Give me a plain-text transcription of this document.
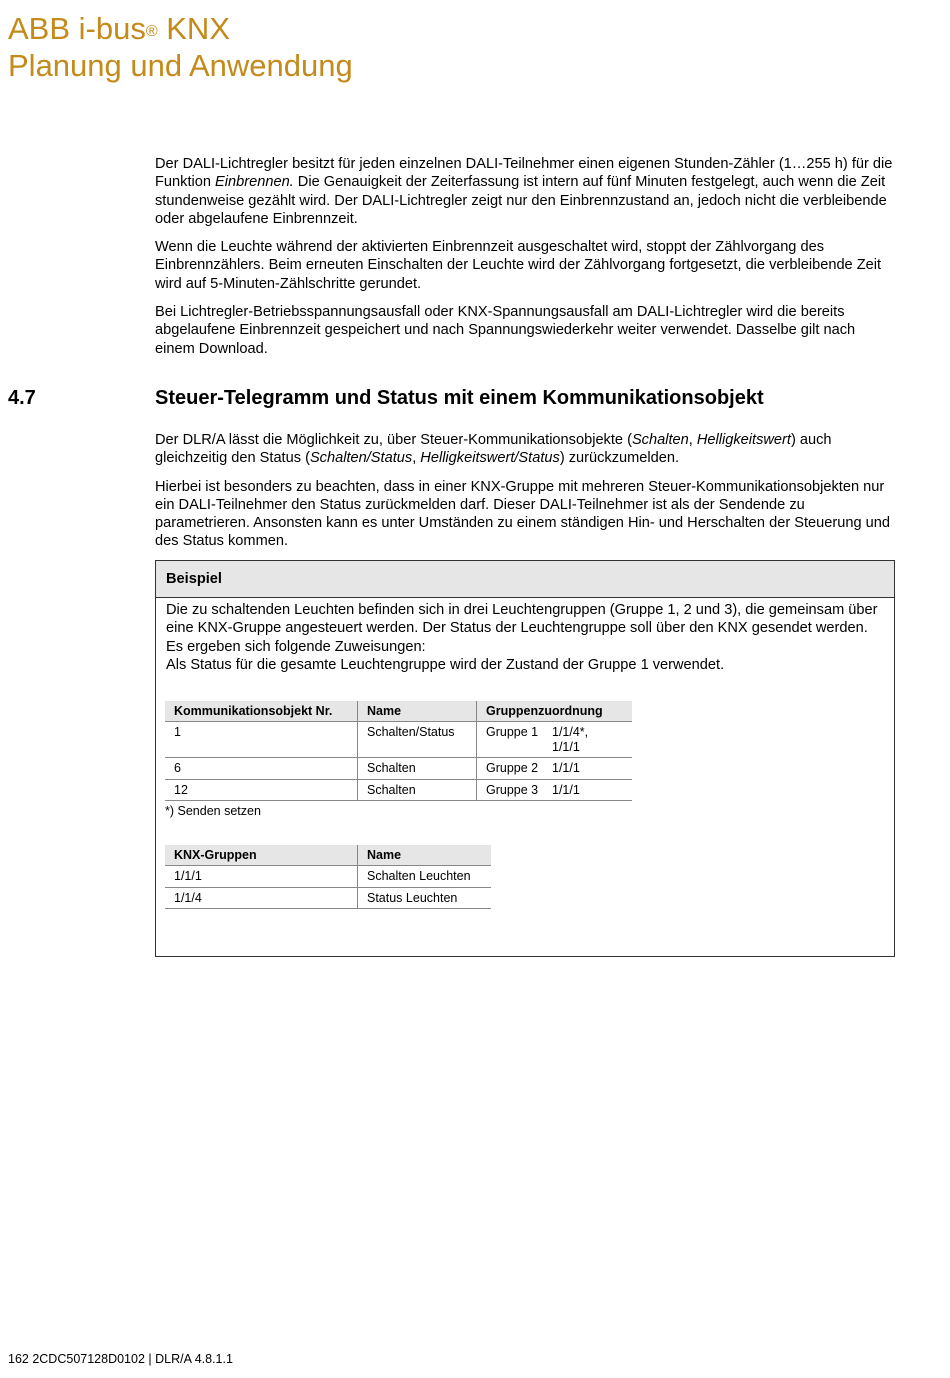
ABB i-bus® KNX
Planung und Anwendung

Der DALI-Lichtregler besitzt für jeden einzelnen DALI-Teilnehmer einen eigenen Stunden-Zähler (1…255 h) für die Funktion Einbrennen. Die Genauigkeit der Zeiterfassung ist intern auf fünf Minuten festgelegt, auch wenn die Zeit stundenweise gezählt wird. Der DALI-Lichtregler zeigt nur den Einbrennzustand an, jedoch nicht die verbleibende oder abgelaufene Einbrennzeit.

Wenn die Leuchte während der aktivierten Einbrennzeit ausgeschaltet wird, stoppt der Zählvorgang des Einbrennzählers. Beim erneuten Einschalten der Leuchte wird der Zählvorgang fortgesetzt, die verbleibende Zeit wird auf 5-Minuten-Zählschritte gerundet.

Bei Lichtregler-Betriebsspannungsausfall oder KNX-Spannungsausfall am DALI-Lichtregler wird die bereits abgelaufene Einbrennzeit gespeichert und nach Spannungswiederkehr weiter verwendet. Dasselbe gilt nach einem Download.

4.7	Steuer-Telegramm und Status mit einem Kommunikationsobjekt

Der DLR/A lässt die Möglichkeit zu, über Steuer-Kommunikationsobjekte (Schalten, Helligkeitswert) auch gleichzeitig den Status (Schalten/Status, Helligkeitswert/Status) zurückzumelden.

Hierbei ist besonders zu beachten, dass in einer KNX-Gruppe mit mehreren Steuer-Kommunikationsobjekten nur ein DALI-Teilnehmer den Status zurückmelden darf. Dieser DALI-Teilnehmer ist als der Sendende zu parametrieren. Ansonsten kann es unter Umständen zu einem ständigen Hin- und Herschalten der Steuerung und des Status kommen.

Beispiel

Die zu schaltenden Leuchten befinden sich in drei Leuchtengruppen (Gruppe 1, 2 und 3), die gemeinsam über eine KNX-Gruppe angesteuert werden. Der Status der Leuchtengruppe soll über den KNX gesendet werden. Es ergeben sich folgende Zuweisungen:

Als Status für die gesamte Leuchtengruppe wird der Zustand der Gruppe 1 verwendet.

Kommunikationsobjekt Nr.	Name	Gruppenzuordnung
1	Schalten/Status	Gruppe 1 1/1/4*,
1/1/1
6	Schalten	Gruppe 2 1/1/1
12	Schalten	Gruppe 3 1/1/1
*) Senden setzen
KNX-Gruppen	Name
1/1/1	Schalten Leuchten
1/1/4	Status Leuchten
162 2CDC507128D0102 | DLR/A 4.8.1.1
